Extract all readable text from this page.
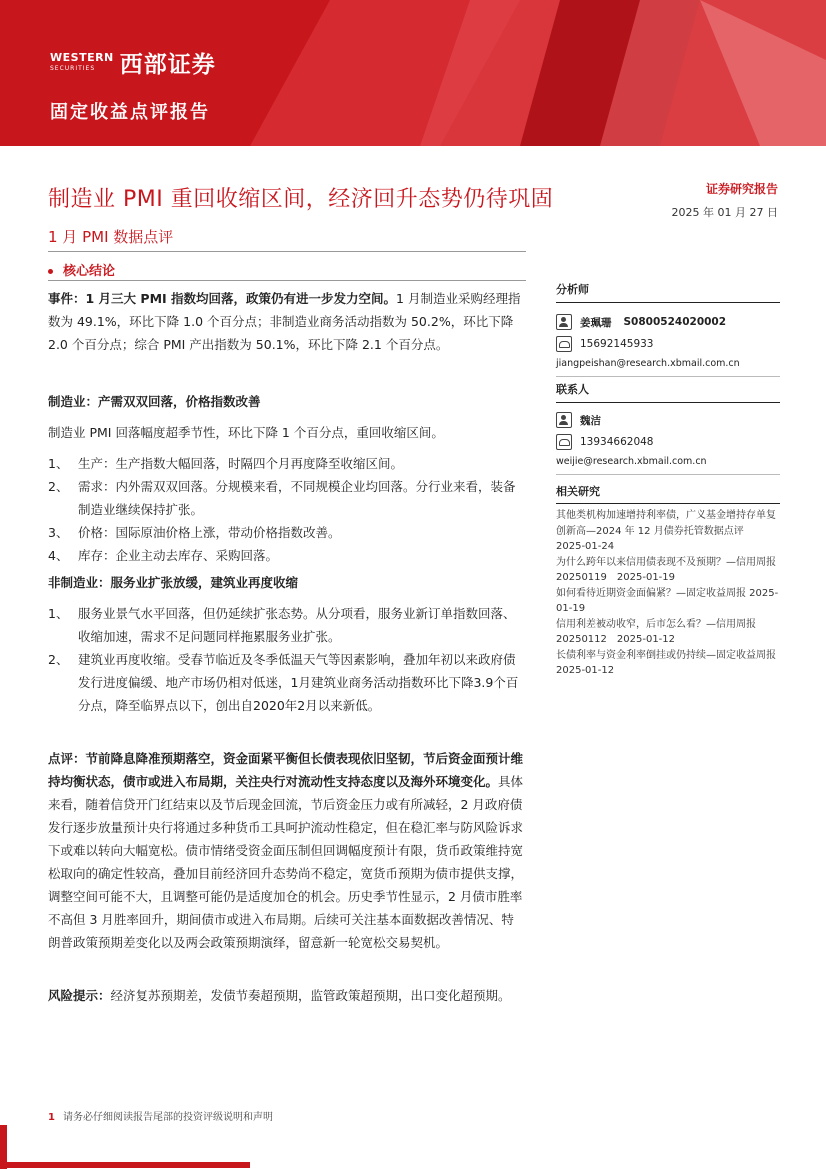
WESTERN
SECURITIES	西部证券
固定收益点评报告
制造业 PMI 重回收缩区间，经济回升态势仍待巩固
1 月 PMI 数据点评
证券研究报告
2025 年 01 月 27 日
核心结论

事件：1 月三大 PMI 指数均回落，政策仍有进一步发力空间。1 月制造业采购经理指数为 49.1%，环比下降 1.0 个百分点；非制造业商务活动指数为 50.2%，环比下降 2.0 个百分点；综合 PMI 产出指数为 50.1%，环比下降 2.1 个百分点。

制造业：产需双双回落，价格指数改善

制造业 PMI 回落幅度超季节性，环比下降 1 个百分点，重回收缩区间。

1、 生产：生产指数大幅回落，时隔四个月再度降至收缩区间。
2、 需求：内外需双双回落。分规模来看，不同规模企业均回落。分行业来看，装备制造业继续保持扩张。
3、 价格：国际原油价格上涨，带动价格指数改善。
4、 库存：企业主动去库存、采购回落。

非制造业：服务业扩张放缓，建筑业再度收缩

1、 服务业景气水平回落，但仍延续扩张态势。从分项看，服务业新订单指数回落、收缩加速，需求不足问题同样拖累服务业扩张。
2、 建筑业再度收缩。受春节临近及冬季低温天气等因素影响，叠加年初以来政府债发行进度偏缓、地产市场仍相对低迷，1月建筑业商务活动指数环比下降3.9个百分点，降至临界点以下，创出自2020年2月以来新低。

点评：节前降息降准预期落空，资金面紧平衡但长债表现依旧坚韧，节后资金面预计维持均衡状态，债市或进入布局期，关注央行对流动性支持态度以及海外环境变化。具体来看，随着信贷开门红结束以及节后现金回流，节后资金压力或有所减轻，2 月政府债发行逐步放量预计央行将通过多种货币工具呵护流动性稳定，但在稳汇率与防风险诉求下或难以转向大幅宽松。债市情绪受资金面压制但回调幅度预计有限，货币政策维持宽松取向的确定性较高，叠加目前经济回升态势尚不稳定，宽货币预期为债市提供支撑，调整空间可能不大，且调整可能仍是适度加仓的机会。历史季节性显示，2 月债市胜率不高但 3 月胜率回升，期间债市或进入布局期。后续可关注基本面数据改善情况、特朗普政策预期差变化以及两会政策预期演绎，留意新一轮宽松交易契机。

风险提示：经济复苏预期差，发债节奏超预期，监管政策超预期，出口变化超预期。

分析师
姜珮珊 S0800524020002
15692145933
jiangpeishan@research.xbmail.com.cn
联系人
魏洁
13934662048
weijie@research.xbmail.com.cn
相关研究
其他类机构加速增持利率债，广义基金增持存单复创新高—2024 年 12 月债券托管数据点评　2025-01-24
为什么跨年以来信用债表现不及预期？—信用周报 20250119　2025-01-19
如何看待近期资金面偏紧？—固定收益周报 2025-01-19
信用利差被动收窄，后市怎么看？—信用周报 20250112　2025-01-12
长债利率与资金利率倒挂或仍持续—固定收益周报　2025-01-12
1 请务必仔细阅读报告尾部的投资评级说明和声明
